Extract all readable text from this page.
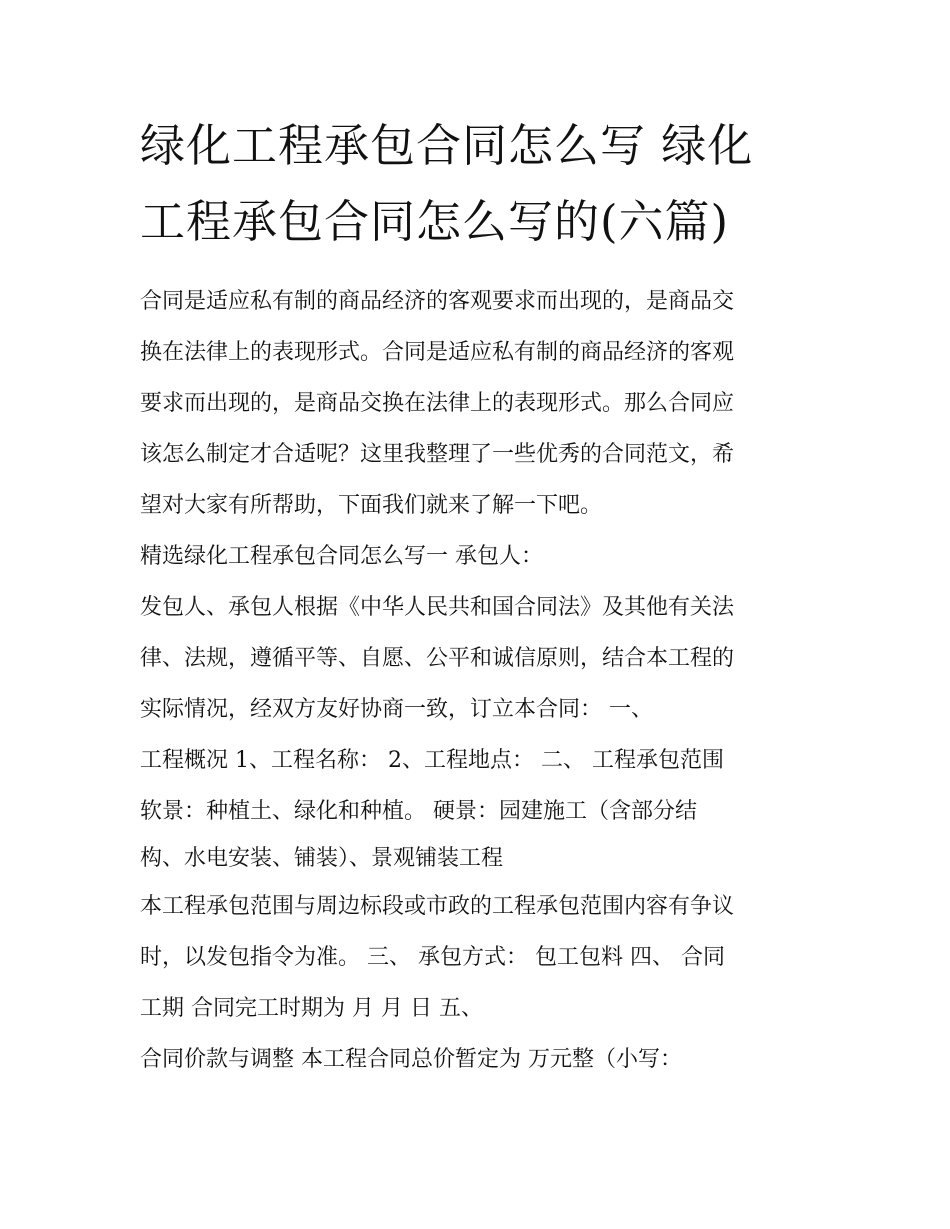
绿化工程承包合同怎么写 绿化
工程承包合同怎么写的(六篇)

合同是适应私有制的商品经济的客观要求而出现的，是商品交
换在法律上的表现形式。合同是适应私有制的商品经济的客观
要求而出现的，是商品交换在法律上的表现形式。那么合同应
该怎么制定才合适呢？这里我整理了一些优秀的合同范文，希
望对大家有所帮助，下面我们就来了解一下吧。

精选绿化工程承包合同怎么写一 承包人：

发包人、承包人根据《中华人民共和国合同法》及其他有关法
律、法规，遵循平等、自愿、公平和诚信原则，结合本工程的
实际情况，经双方友好协商一致，订立本合同： 一、
工程概况 1、工程名称： 2、工程地点： 二、 工程承包范围
软景：种植土、绿化和种植。 硬景：园建施工（含部分结
构、水电安装、铺装）、景观铺装工程

本工程承包范围与周边标段或市政的工程承包范围内容有争议
时，以发包指令为准。 三、 承包方式： 包工包料 四、 合同
工期 合同完工时期为 月 月 日 五、

合同价款与调整 本工程合同总价暂定为 万元整（小写：
